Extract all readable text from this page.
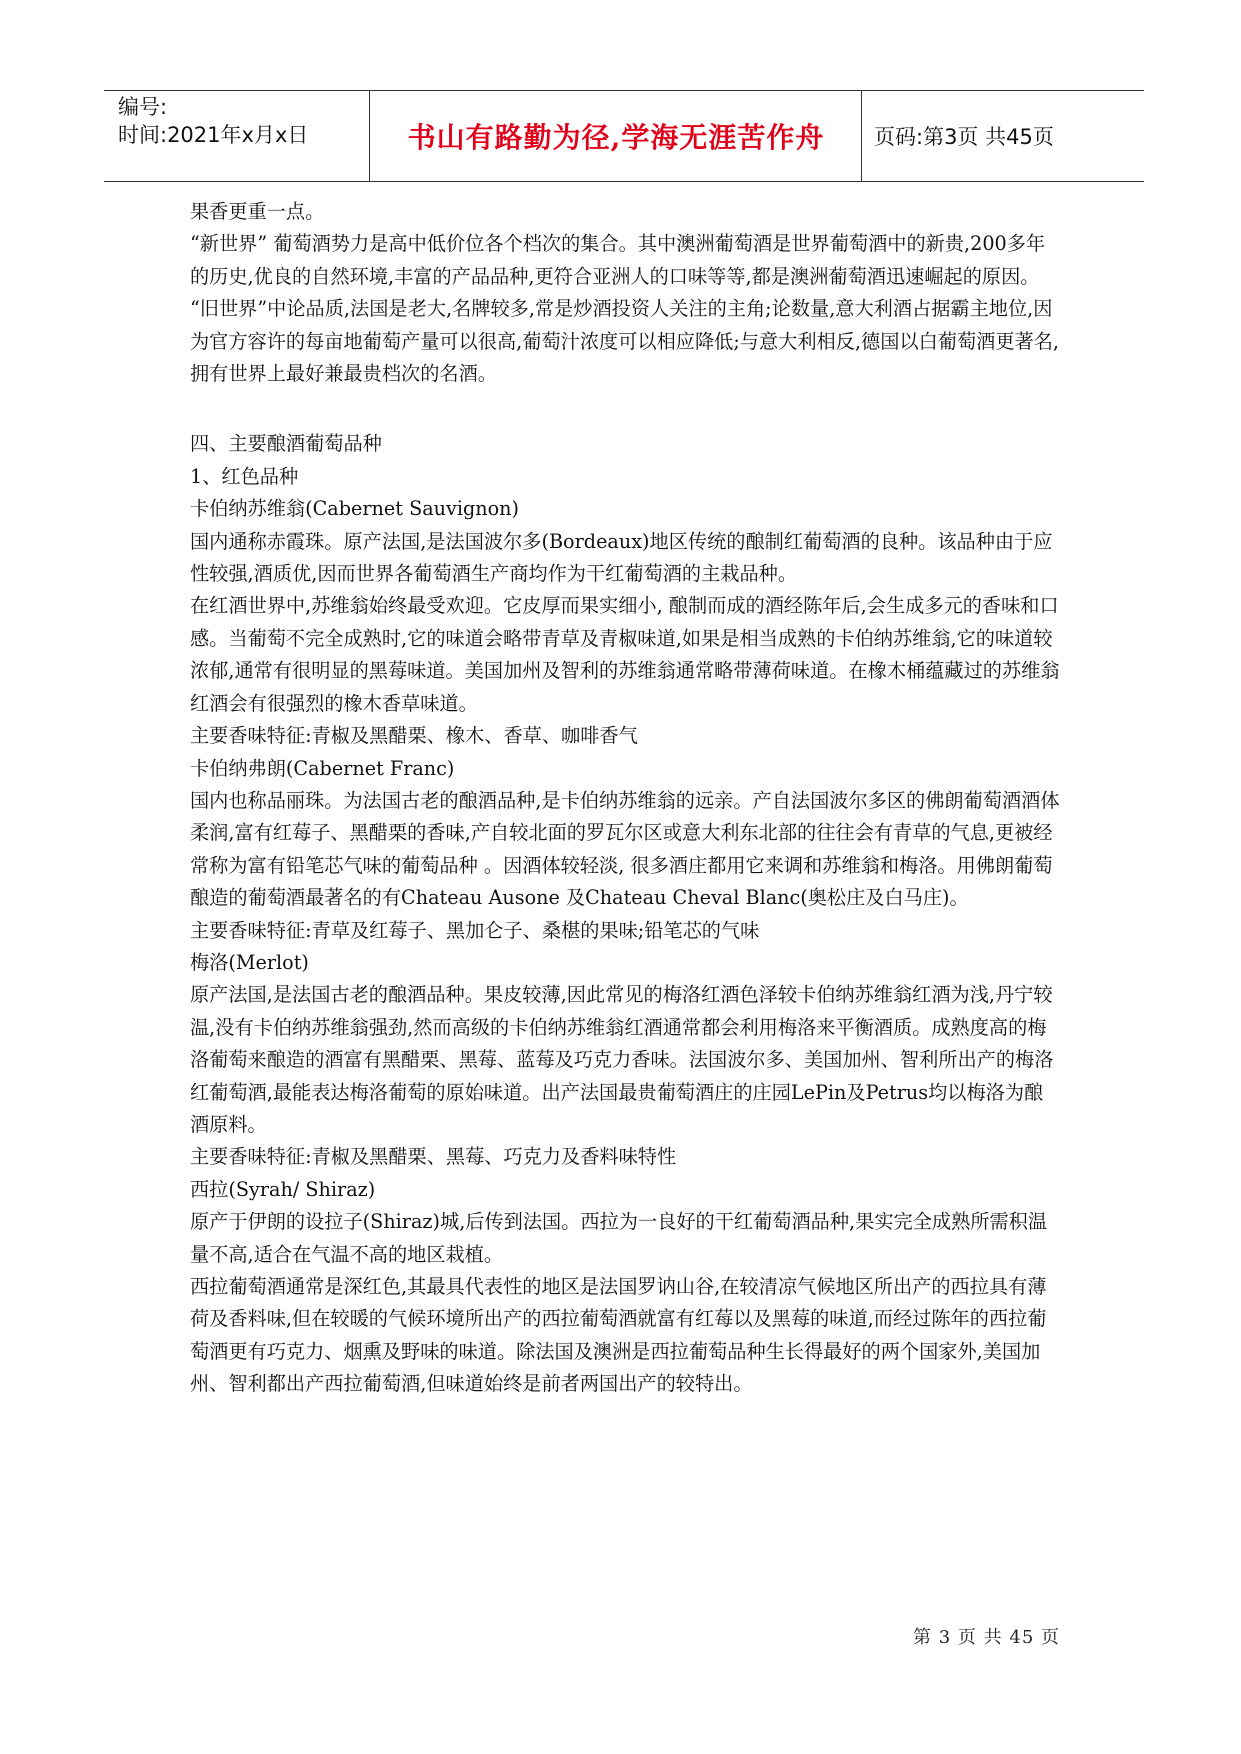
编号:
时间:2021年x月x日	书山有路勤为径,学海无涯苦作舟	页码:第3页 共45页

果香更重一点。

“新世界” 葡萄酒势力是高中低价位各个档次的集合。其中澳洲葡萄酒是世界葡萄酒中的新贵,200多年的历史,优良的自然环境,丰富的产品品种,更符合亚洲人的口味等等,都是澳洲葡萄酒迅速崛起的原因。

“旧世界”中论品质,法国是老大,名牌较多,常是炒酒投资人关注的主角;论数量,意大利酒占据霸主地位,因为官方容许的每亩地葡萄产量可以很高,葡萄汁浓度可以相应降低;与意大利相反,德国以白葡萄酒更著名,拥有世界上最好兼最贵档次的名酒。

四、主要酿酒葡萄品种

1、红色品种

卡伯纳苏维翁(Cabernet Sauvignon)

国内通称赤霞珠。原产法国,是法国波尔多(Bordeaux)地区传统的酿制红葡萄酒的良种。该品种由于应性较强,酒质优,因而世界各葡萄酒生产商均作为干红葡萄酒的主栽品种。

在红酒世界中,苏维翁始终最受欢迎。它皮厚而果实细小, 酿制而成的酒经陈年后,会生成多元的香味和口感。当葡萄不完全成熟时,它的味道会略带青草及青椒味道,如果是相当成熟的卡伯纳苏维翁,它的味道较浓郁,通常有很明显的黑莓味道。美国加州及智利的苏维翁通常略带薄荷味道。在橡木桶蕴藏过的苏维翁红酒会有很强烈的橡木香草味道。

主要香味特征:青椒及黑醋栗、橡木、香草、咖啡香气

卡伯纳弗朗(Cabernet Franc)

国内也称品丽珠。为法国古老的酿酒品种,是卡伯纳苏维翁的远亲。产自法国波尔多区的佛朗葡萄酒酒体柔润,富有红莓子、黑醋栗的香味,产自较北面的罗瓦尔区或意大利东北部的往往会有青草的气息,更被经常称为富有铅笔芯气味的葡萄品种 。因酒体较轻淡, 很多酒庄都用它来调和苏维翁和梅洛。用佛朗葡萄酿造的葡萄酒最著名的有Chateau Ausone 及Chateau Cheval Blanc(奥松庄及白马庄)。

主要香味特征:青草及红莓子、黑加仑子、桑椹的果味;铅笔芯的气味

梅洛(Merlot)

原产法国,是法国古老的酿酒品种。果皮较薄,因此常见的梅洛红酒色泽较卡伯纳苏维翁红酒为浅,丹宁较温,没有卡伯纳苏维翁强劲,然而高级的卡伯纳苏维翁红酒通常都会利用梅洛来平衡酒质。成熟度高的梅洛葡萄来酿造的酒富有黑醋栗、黑莓、蓝莓及巧克力香味。法国波尔多、美国加州、智利所出产的梅洛红葡萄酒,最能表达梅洛葡萄的原始味道。出产法国最贵葡萄酒庄的庄园LePin及Petrus均以梅洛为酿酒原料。

主要香味特征:青椒及黑醋栗、黑莓、巧克力及香料味特性

西拉(Syrah/ Shiraz)

原产于伊朗的设拉子(Shiraz)城,后传到法国。西拉为一良好的干红葡萄酒品种,果实完全成熟所需积温量不高,适合在气温不高的地区栽植。

西拉葡萄酒通常是深红色,其最具代表性的地区是法国罗讷山谷,在较清凉气候地区所出产的西拉具有薄荷及香料味,但在较暖的气候环境所出产的西拉葡萄酒就富有红莓以及黑莓的味道,而经过陈年的西拉葡萄酒更有巧克力、烟熏及野味的味道。除法国及澳洲是西拉葡萄品种生长得最好的两个国家外,美国加州、智利都出产西拉葡萄酒,但味道始终是前者两国出产的较特出。

第 3 页 共 45 页
